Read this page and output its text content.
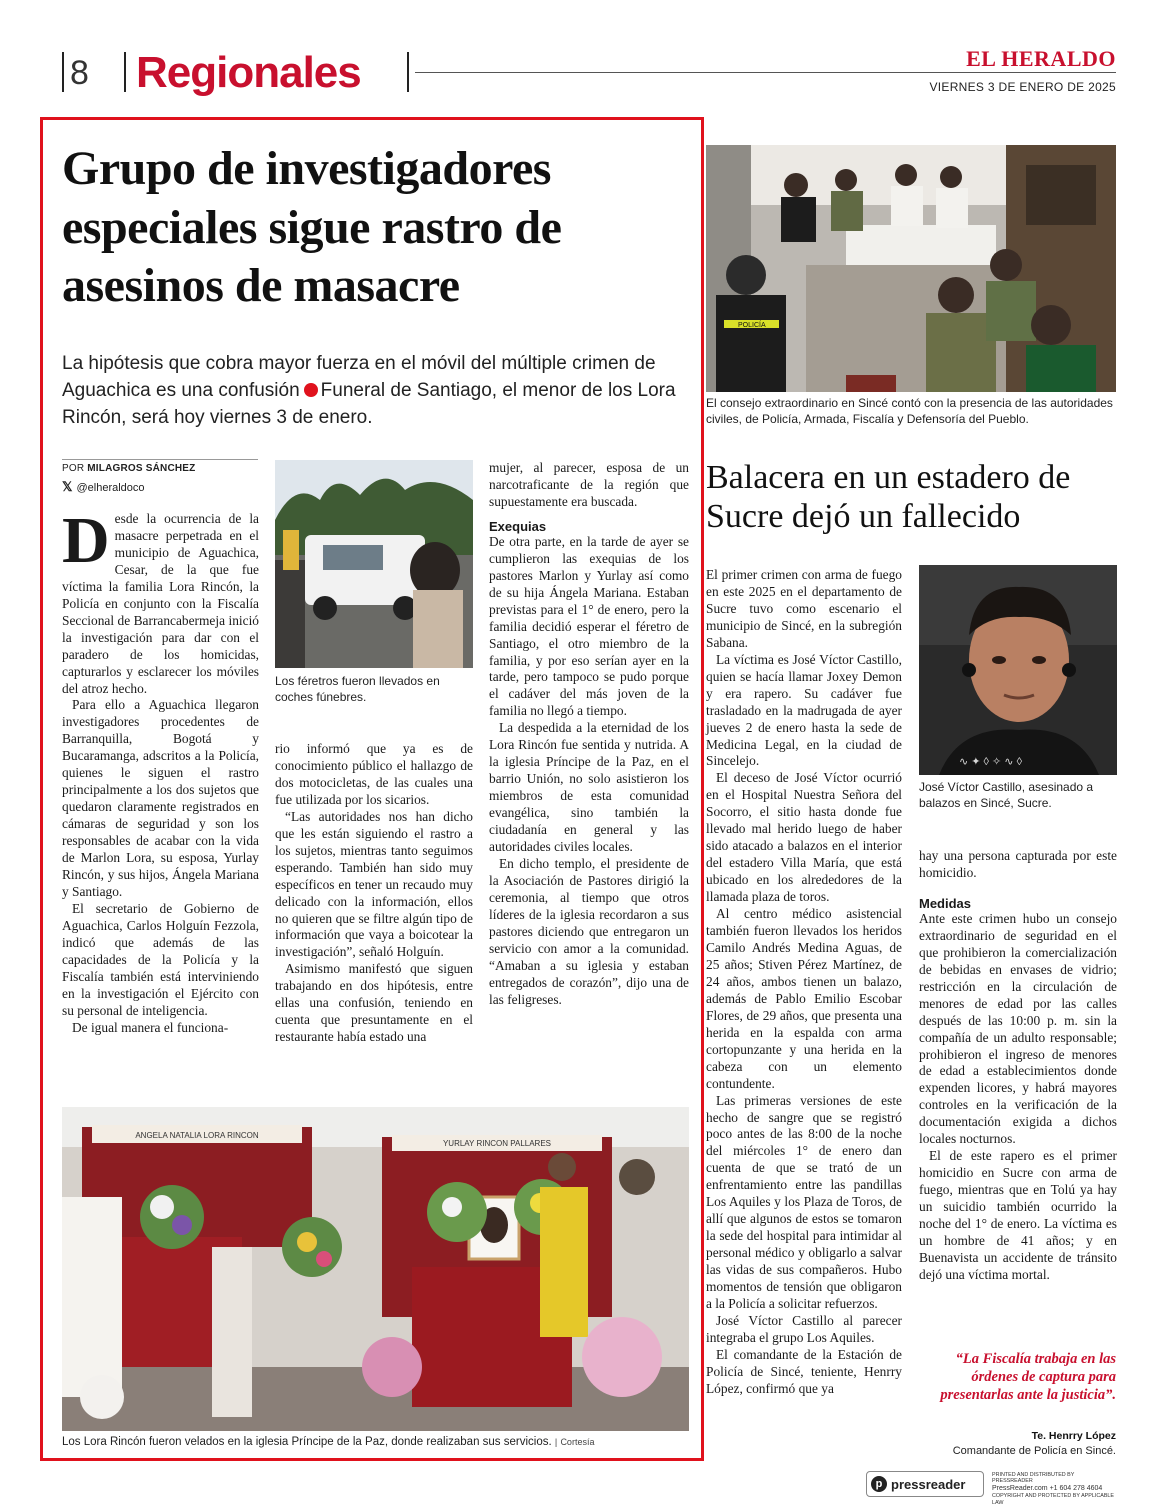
8 Regionales	EL HERALDO
VIERNES 3 DE ENERO DE 2025
Grupo de investigadores especiales sigue rastro de asesinos de masacre
La hipótesis que cobra mayor fuerza en el móvil del múltiple crimen de Aguachica es una confusión Funeral de Santiago, el menor de los Lora Rincón, será hoy viernes 3 de enero.
POR MILAGROS SÁNCHEZ
𝕏 @elheraldoco

Desde la ocurrencia de la masacre perpetrada en el municipio de Aguachica, Cesar, de la que fue víctima la familia Lora Rincón, la Policía en conjunto con la Fiscalía Seccional de Barrancabermeja inició la investigación para dar con el paradero de los homicidas, capturarlos y esclarecer los móviles del atroz hecho.

Para ello a Aguachica llegaron investigadores procedentes de Barranquilla, Bogotá y Bucaramanga, adscritos a la Policía, quienes le siguen el rastro principalmente a los dos sujetos que quedaron claramente registrados en cámaras de seguridad y son los responsables de acabar con la vida de Marlon Lora, su esposa, Yurlay Rincón, y sus hijos, Ángela Mariana y Santiago.

El secretario de Gobierno de Aguachica, Carlos Holguín Fezzola, indicó que además de las capacidades de la Policía y la Fiscalía también está interviniendo en la investigación el Ejército con su personal de inteligencia.

De igual manera el funciona-

Los féretros fueron llevados en coches fúnebres.

rio informó que ya es de conocimiento público el hallazgo de dos motocicletas, de las cuales una fue utilizada por los sicarios.

“Las autoridades nos han dicho que les están siguiendo el rastro a los sujetos, mientras tanto seguimos esperando. También han sido muy específicos en tener un recaudo muy delicado con la información, ellos no quieren que se filtre algún tipo de información que vaya a boicotear la investigación”, señaló Holguín.

Asimismo manifestó que siguen trabajando en dos hipótesis, entre ellas una confusión, teniendo en cuenta que presuntamente en el restaurante había estado una

mujer, al parecer, esposa de un narcotraficante de la región que supuestamente era buscada.

Exequias

De otra parte, en la tarde de ayer se cumplieron las exequias de los pastores Marlon y Yurlay así como de su hija Ángela Mariana. Estaban previstas para el 1° de enero, pero la familia decidió esperar el féretro de Santiago, el otro miembro de la familia, y por eso serían ayer en la tarde, pero tampoco se pudo porque el cadáver del más joven de la familia no llegó a tiempo.

La despedida a la eternidad de los Lora Rincón fue sentida y nutrida. A la iglesia Príncipe de la Paz, en el barrio Unión, no solo asistieron los miembros de esta comunidad evangélica, sino también la ciudadanía en general y las autoridades civiles locales.

En dicho templo, el presidente de la Asociación de Pastores dirigió la ceremonia, al tiempo que otros líderes de la iglesia recordaron a sus pastores diciendo que entregaron un servicio con amor a la comunidad. “Amaban a su iglesia y estaban entregados de corazón”, dijo una de las feligreses.

ANGELA NATALIA LORA RINCON
YURLAY RINCON PALLARES
Los Lora Rincón fueron velados en la iglesia Príncipe de la Paz, donde realizaban sus servicios. | Cortesía
POLICÍA
El consejo extraordinario en Sincé contó con la presencia de las autoridades civiles, de Policía, Armada, Fiscalía y Defensoría del Pueblo.
Balacera en un estadero de Sucre dejó un fallecido

El primer crimen con arma de fuego en este 2025 en el departamento de Sucre tuvo como escenario el municipio de Sincé, en la subregión Sabana.

La víctima es José Víctor Castillo, quien se hacía llamar Joxey Demon y era rapero. Su cadáver fue trasladado en la madrugada de ayer jueves 2 de enero hasta la sede de Medicina Legal, en la ciudad de Sincelejo.

El deceso de José Víctor ocurrió en el Hospital Nuestra Señora del Socorro, el sitio hasta donde fue llevado mal herido luego de haber sido atacado a balazos en el interior del estadero Villa María, que está ubicado en los alrededores de la llamada plaza de toros.

Al centro médico asistencial también fueron llevados los heridos Camilo Andrés Medina Aguas, de 25 años; Stiven Pérez Martínez, de 24 años, ambos tienen un balazo, además de Pablo Emilio Escobar Flores, de 29 años, que presenta una herida en la espalda con arma cortopunzante y una herida en la cabeza con un elemento contundente.

Las primeras versiones de este hecho de sangre que se registró poco antes de las 8:00 de la noche del miércoles 1° de enero dan cuenta de que se trató de un enfrentamiento entre las pandillas Los Aquiles y los Plaza de Toros, de allí que algunos de estos se tomaron la sede del hospital para intimidar al personal médico y obligarlo a salvar las vidas de sus compañeros. Hubo momentos de tensión que obligaron a la Policía a solicitar refuerzos.

José Víctor Castillo al parecer integraba el grupo Los Aquiles.

El comandante de la Estación de Policía de Sincé, teniente, Henrry López, confirmó que ya

∿ ✦ ◊ ✧ ∿ ◊
José Víctor Castillo, asesinado a balazos en Sincé, Sucre.

hay una persona capturada por este homicidio.

Medidas

Ante este crimen hubo un consejo extraordinario de seguridad en el que prohibieron la comercialización de bebidas en envases de vidrio; restricción en la circulación de menores de edad por las calles después de las 10:00 p. m. sin la compañía de un adulto responsable; prohibieron el ingreso de menores de edad a establecimientos donde expenden licores, y habrá mayores controles en la verificación de la documentación exigida a dichos locales nocturnos.

El de este rapero es el primer homicidio en Sucre con arma de fuego, mientras que en Tolú ya hay un suicidio también ocurrido la noche del 1° de enero. La víctima es un hombre de 41 años; y en Buenavista un accidente de tránsito dejó una víctima mortal.

“La Fiscalía trabaja en las órdenes de captura para presentarlas ante la justicia”.
Te. Henrry López
Comandante de Policía en Sincé.
p pressreader
PRINTED AND DISTRIBUTED BY PRESSREADER
PressReader.com +1 604 278 4604
COPYRIGHT AND PROTECTED BY APPLICABLE LAW
